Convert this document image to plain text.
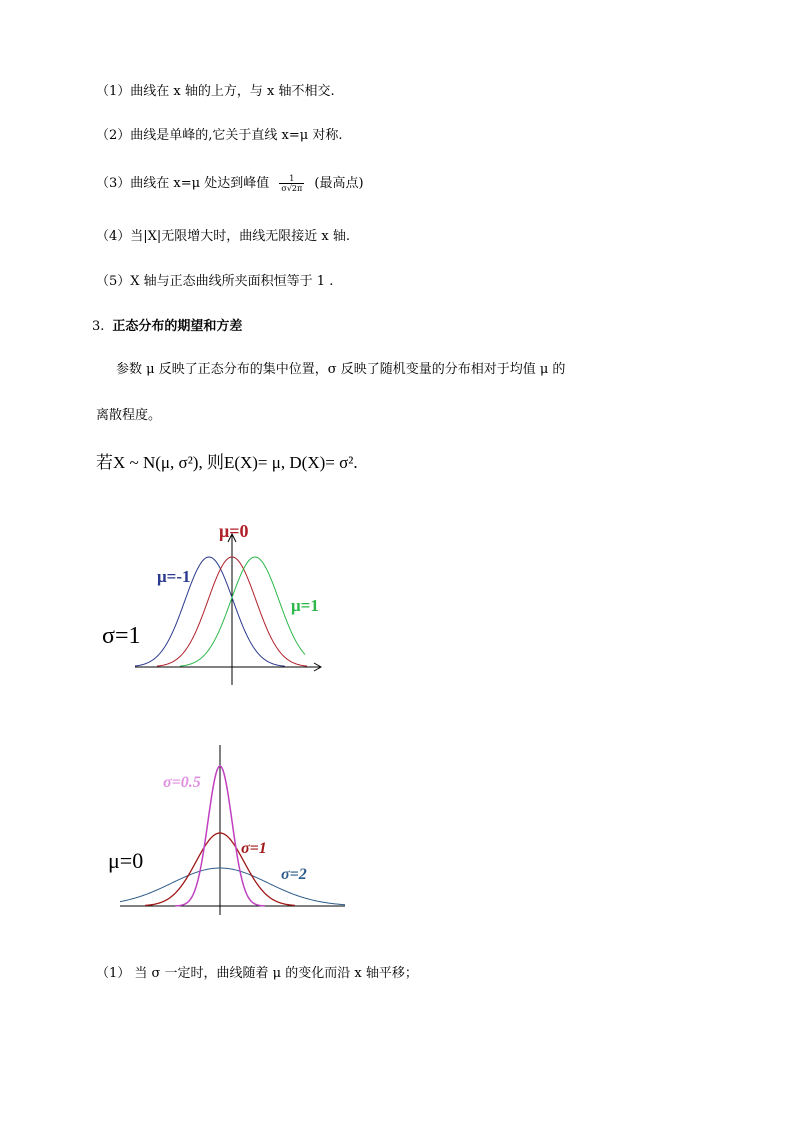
（1）曲线在 x 轴的上方，与 x 轴不相交.
（2）曲线是单峰的,它关于直线 x=μ 对称.
（3）曲线在 x=μ 处达到峰值 $\frac{1}{\sigma√2\pi}$ (最高点)
（4）当|X|无限增大时，曲线无限接近 x 轴.
（5）X 轴与正态曲线所夹面积恒等于 1 .
3. 正态分布的期望和方差
参数 μ 反映了正态分布的集中位置，σ 反映了随机变量的分布相对于均值 μ 的
离散程度。
若X ~ N(μ, σ²), 则E(X)= μ, D(X)= σ².
μ=0
μ=-1
μ=1
σ=1
σ=0.5
σ=1
σ=2
μ=0
（1） 当 σ 一定时，曲线随着 μ 的变化而沿 x 轴平移；
